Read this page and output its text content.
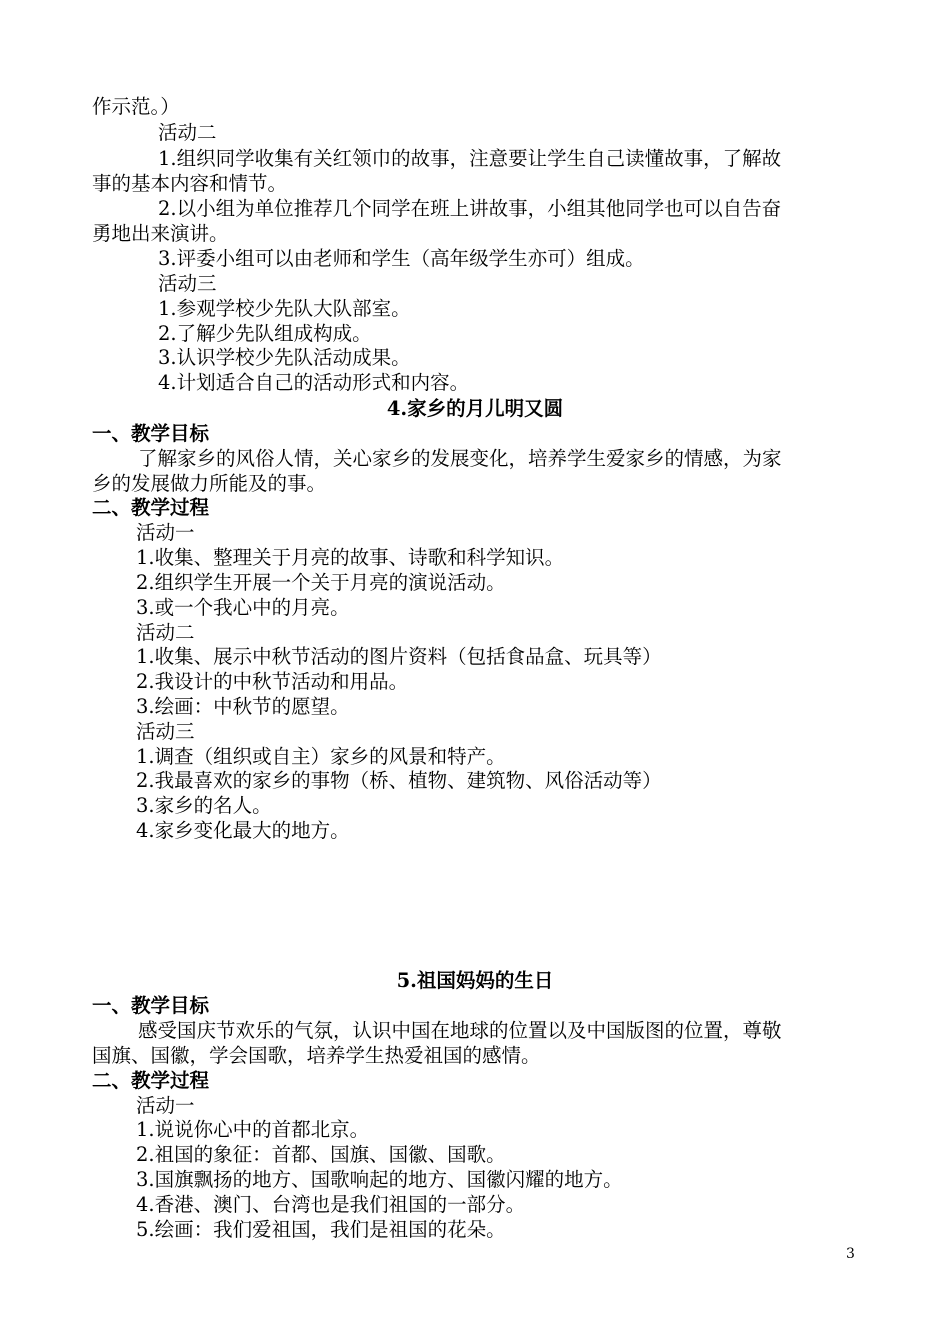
作示范。）
活动二
1.组织同学收集有关红领巾的故事，注意要让学生自己读懂故事，了解故
事的基本内容和情节。
2.以小组为单位推荐几个同学在班上讲故事，小组其他同学也可以自告奋
勇地出来演讲。
3.评委小组可以由老师和学生（高年级学生亦可）组成。
活动三
1.参观学校少先队大队部室。
2.了解少先队组成构成。
3.认识学校少先队活动成果。
4.计划适合自己的活动形式和内容。
4.家乡的月儿明又圆
一、教学目标
了解家乡的风俗人情，关心家乡的发展变化，培养学生爱家乡的情感，为家
乡的发展做力所能及的事。
二、教学过程
活动一
1.收集、整理关于月亮的故事、诗歌和科学知识。
2.组织学生开展一个关于月亮的演说活动。
3.或一个我心中的月亮。
活动二
1.收集、展示中秋节活动的图片资料（包括食品盒、玩具等）
2.我设计的中秋节活动和用品。
3.绘画：中秋节的愿望。
活动三
1.调查（组织或自主）家乡的风景和特产。
2.我最喜欢的家乡的事物（桥、植物、建筑物、风俗活动等）
3.家乡的名人。
4.家乡变化最大的地方。
5.祖国妈妈的生日
一、教学目标
感受国庆节欢乐的气氛，认识中国在地球的位置以及中国版图的位置，尊敬
国旗、国徽，学会国歌，培养学生热爱祖国的感情。
二、教学过程
活动一
1.说说你心中的首都北京。
2.祖国的象征：首都、国旗、国徽、国歌。
3.国旗飘扬的地方、国歌响起的地方、国徽闪耀的地方。
4.香港、澳门、台湾也是我们祖国的一部分。
5.绘画：我们爱祖国，我们是祖国的花朵。
3
